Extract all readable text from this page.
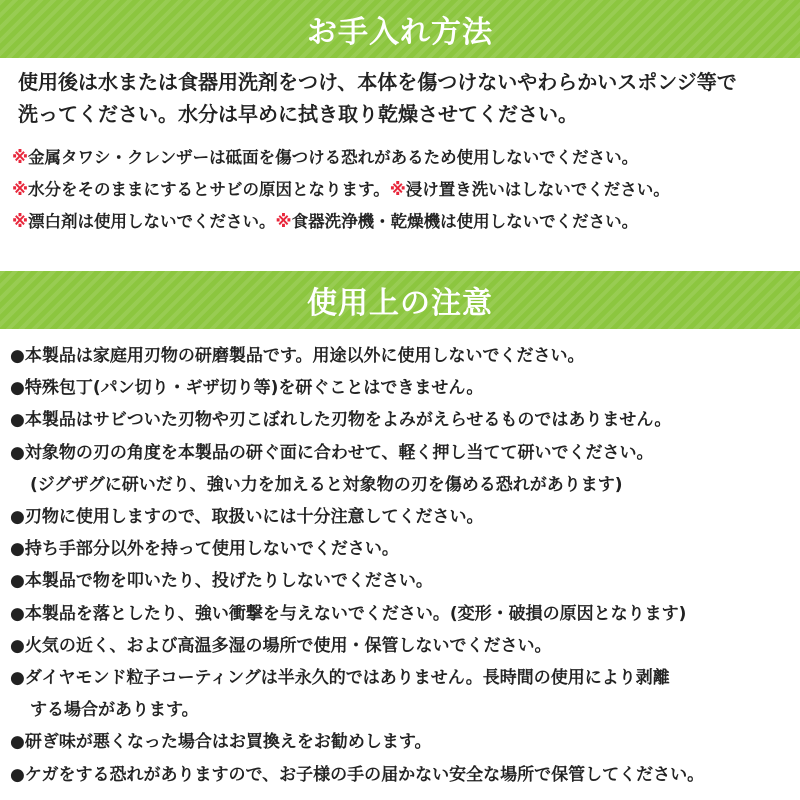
お手入れ方法
使用後は水または食器用洗剤をつけ、本体を傷つけないやわらかいスポンジ等で
洗ってください。水分は早めに拭き取り乾燥させてください。
※金属タワシ・クレンザーは砥面を傷つける恐れがあるため使用しないでください。
※水分をそのままにするとサビの原因となります。※浸け置き洗いはしないでください。
※漂白剤は使用しないでください。※食器洗浄機・乾燥機は使用しないでください。
使用上の注意
●本製品は家庭用刃物の研磨製品です。用途以外に使用しないでください。
●特殊包丁(パン切り・ギザ切り等)を研ぐことはできません。
●本製品はサビついた刃物や刃こぼれした刃物をよみがえらせるものではありません。
●対象物の刃の角度を本製品の研ぐ面に合わせて、軽く押し当てて研いでください。
(ジグザグに研いだり、強い力を加えると対象物の刃を傷める恐れがあります)
●刃物に使用しますので、取扱いには十分注意してください。
●持ち手部分以外を持って使用しないでください。
●本製品で物を叩いたり、投げたりしないでください。
●本製品を落としたり、強い衝撃を与えないでください。(変形・破損の原因となります)
●火気の近く、および高温多湿の場所で使用・保管しないでください。
●ダイヤモンド粒子コーティングは半永久的ではありません。長時間の使用により剥離
する場合があります。
●研ぎ味が悪くなった場合はお買換えをお勧めします。
●ケガをする恐れがありますので、お子様の手の届かない安全な場所で保管してください。
